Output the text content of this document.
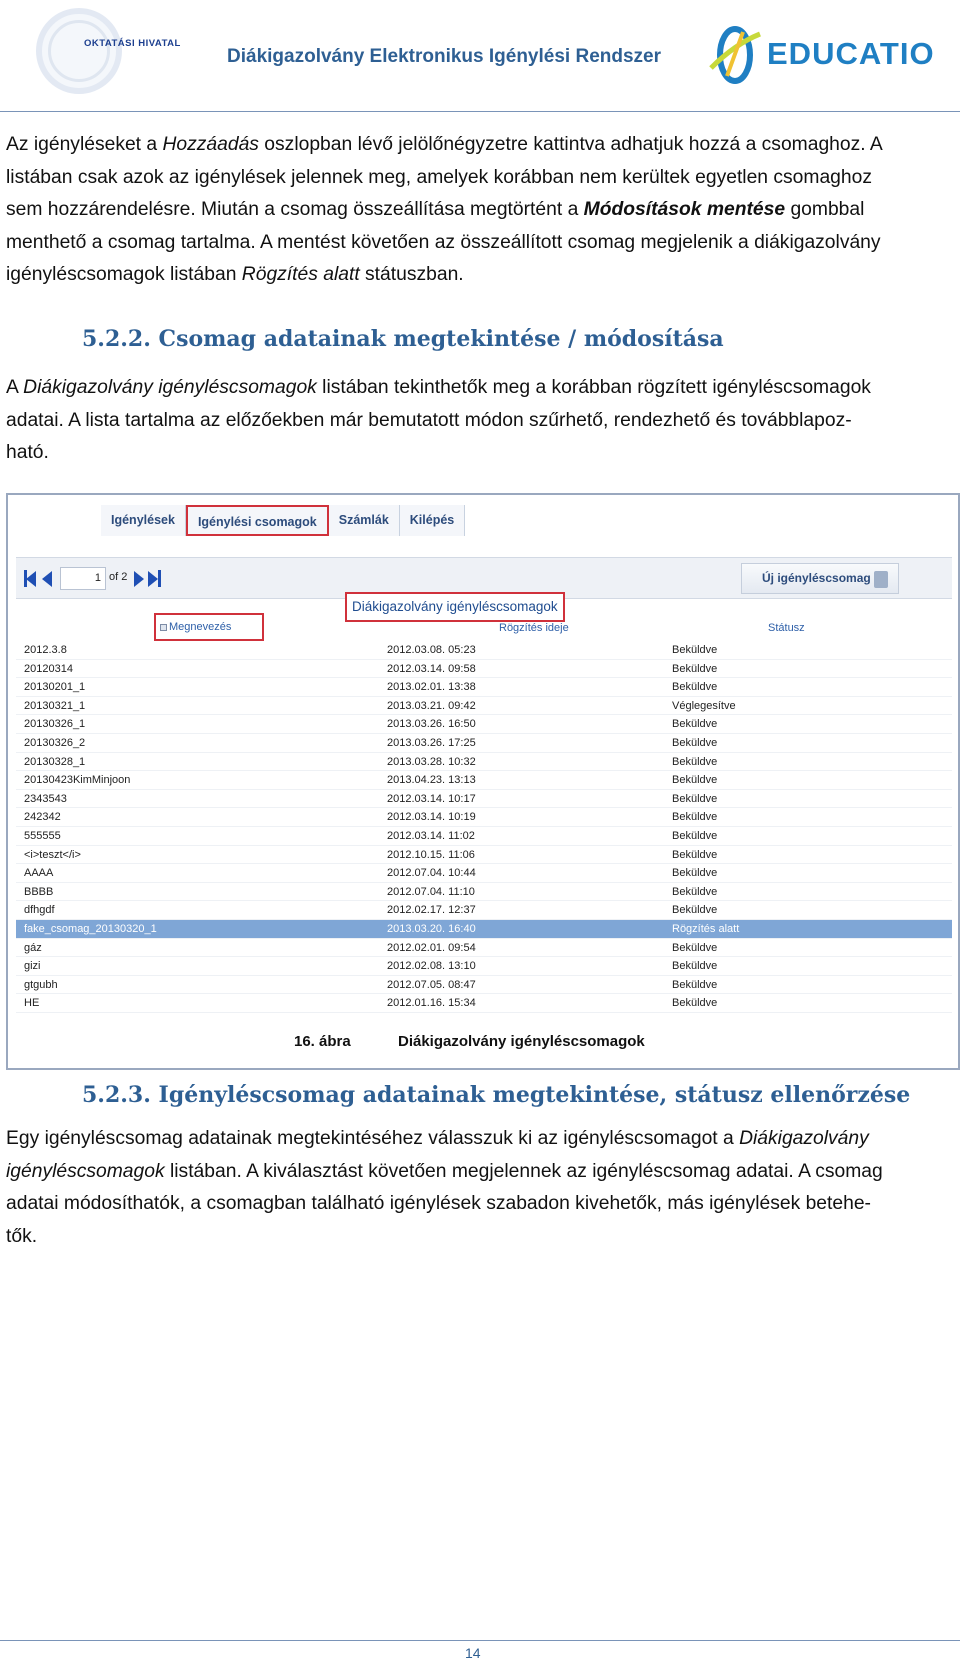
OKTATÁSI HIVATAL
Diákigazolvány Elektronikus Igénylési Rendszer	EDUCATIO
Az igényléseket a Hozzáadás oszlopban lévő jelölőnégyzetre kattintva adhatjuk hozzá a csomaghoz. A
listában csak azok az igénylések jelennek meg, amelyek korábban nem kerültek egyetlen csomaghoz
sem hozzárendelésre. Miután a csomag összeállítása megtörtént a Módosítások mentése gombbal
menthető a csomag tartalma. A mentést követően az összeállított csomag megjelenik a diákigazolvány
igényléscsomagok listában Rögzítés alatt státuszban.
5.2.2. Csomag adatainak megtekintése / módosítása
A Diákigazolvány igényléscsomagok listában tekinthetők meg a korábban rögzített igényléscsomagok
adatai. A lista tartalma az előzőekben már bemutatott módon szűrhető, rendezhető és továbblapoz-
ható.
Igénylések	Igénylési csomagok	Számlák	Kilépés
1 of 2	Új igényléscsomag
Diákigazolvány igényléscsomagok
Megnevezés	Rögzítés ideje	Státusz
2012.3.8	2012.03.08. 05:23	Beküldve
20120314	2012.03.14. 09:58	Beküldve
20130201_1	2013.02.01. 13:38	Beküldve
20130321_1	2013.03.21. 09:42	Véglegesítve
20130326_1	2013.03.26. 16:50	Beküldve
20130326_2	2013.03.26. 17:25	Beküldve
20130328_1	2013.03.28. 10:32	Beküldve
20130423KimMinjoon	2013.04.23. 13:13	Beküldve
2343543	2012.03.14. 10:17	Beküldve
242342	2012.03.14. 10:19	Beküldve
555555	2012.03.14. 11:02	Beküldve
<i>teszt</i>	2012.10.15. 11:06	Beküldve
AAAA	2012.07.04. 10:44	Beküldve
BBBB	2012.07.04. 11:10	Beküldve
dfhgdf	2012.02.17. 12:37	Beküldve
fake_csomag_20130320_1	2013.03.20. 16:40	Rögzítés alatt
gáz	2012.02.01. 09:54	Beküldve
gizi	2012.02.08. 13:10	Beküldve
gtgubh	2012.07.05. 08:47	Beküldve
HE	2012.01.16. 15:34	Beküldve
16. ábra	Diákigazolvány igényléscsomagok
5.2.3. Igényléscsomag adatainak megtekintése, státusz ellenőrzése
Egy igényléscsomag adatainak megtekintéséhez válasszuk ki az igényléscsomagot a Diákigazolvány
igényléscsomagok listában. A kiválasztást követően megjelennek az igényléscsomag adatai. A csomag
adatai módosíthatók, a csomagban található igénylések szabadon kivehetők, más igénylések betehe-
tők.
14
